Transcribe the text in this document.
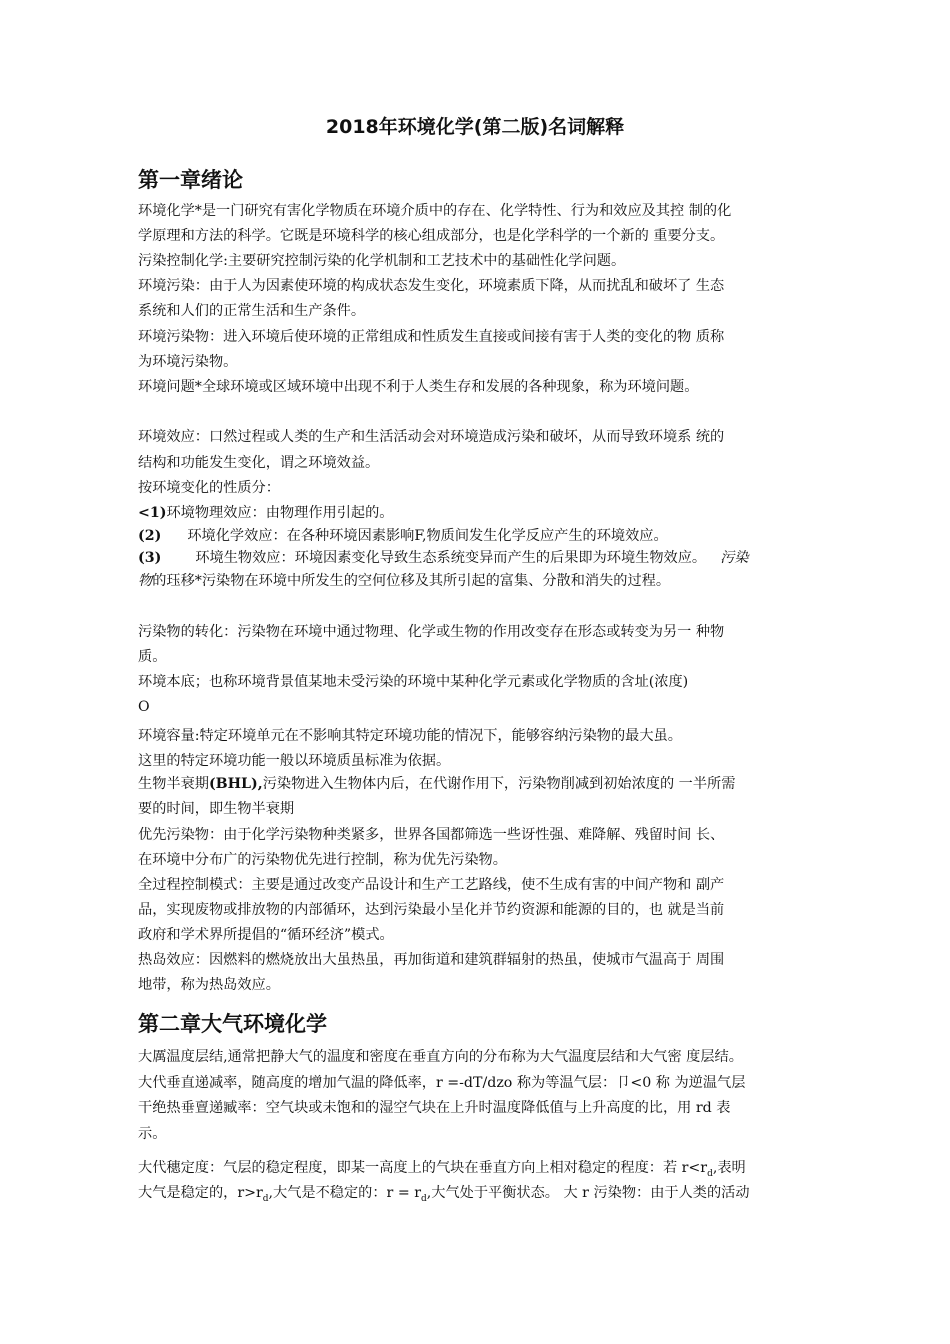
2018年环境化学(第二版)名词解释
第一章绪论
环境化学*是一门研究有害化学物质在环境介质中的存在、化学特性、行为和效应及其控 制的化
学原理和方法的科学。它既是环境科学的核心组成部分，也是化学科学的一个新的 重要分支。
污染控制化学:主要研究控制污染的化学机制和工艺技术中的基础性化学问题。
环境污染：由于人为因素使环境的构成状态发生变化，环境素质下降，从而扰乱和破坏了 生态
系统和人们的正常生活和生产条件。
环境污染物：进入环境后使环境的正常组成和性质发生直接或间接有害于人类的变化的物 质称
为环境污染物。
环境问题*全球环境或区域环境中出现不利于人类生存和发展的各种现象，称为环境问题。
环境效应：口然过程或人类的生产和生活活动会对环境造成污染和破坏，从而导致环境系 统的
结构和功能发生变化，谓之环境效益。
按环境变化的性质分：
<1)环境物理效应：由物理作用引起的。
(2) 环境化学效应：在各种环境因素影响F,物质间发生化学反应产生的环境效应。
(3) 环境生物效应：环境因素变化导致生态系统变异而产生的后果即为环境生物效应。 污染
物的珏移*污染物在环境中所发生的空何位移及其所引起的富集、分散和消失的过程。
污染物的转化：污染物在环境中通过物理、化学或生物的作用改变存在形态或转变为另一 种物
质。
环境本底；也称环境背景值某地未受污染的环境中某种化学元素或化学物质的含址(浓度)
O
环境容量:特定环境单元在不影响其特定环境功能的情况下，能够容纳污染物的最大虽。
这里的特定环境功能一般以环境质虽标准为依据。
生物半衰期(BHL),污染物进入生物体内后，在代谢作用下，污染物削减到初始浓度的 一半所需
要的时间，即生物半衰期
优先污染物：由于化学污染物种类紧多，世界各国都筛选一些讶性强、难降解、残留时间 长、
在环境中分布广的污染物优先进行控制，称为优先污染物。
全过程控制模式：主要是通过改变产品设计和生产工艺路线，使不生成有害的中间产物和 副产
品，实现废物或排放物的内部循环，达到污染最小呈化并节约资源和能源的目的，也 就是当前
政府和学术界所提倡的“循环经济”模式。
热岛效应：因燃料的燃烧放出大虽热虽，再加街道和建筑群辐射的热虽，使城市气温高于 周围
地带，称为热岛效应。
第二章大气环境化学
大厲温度层结,通常把静大气的温度和密度在垂直方向的分布称为大气温度层结和大气密 度层结。
大代垂直递减率，随高度的增加气温的降低率，r =-dT/dzo 称为等温气层：卩<0 称 为逆温气层
干绝热垂亶递臧率：空气块或未饱和的湿空气块在上升时温度降低值与上升高度的比，用 rd 表
示。
大代穗定度：气层的稳定程度，即某一高度上的气块在垂直方向上相对稳定的程度：若 $r<r_d$,表明
大气是稳定的，$r>r_d$,大气是不稳定的：$r = r_d$,大气处于平衡状态。 大 r 污染物：由于人类的活动
